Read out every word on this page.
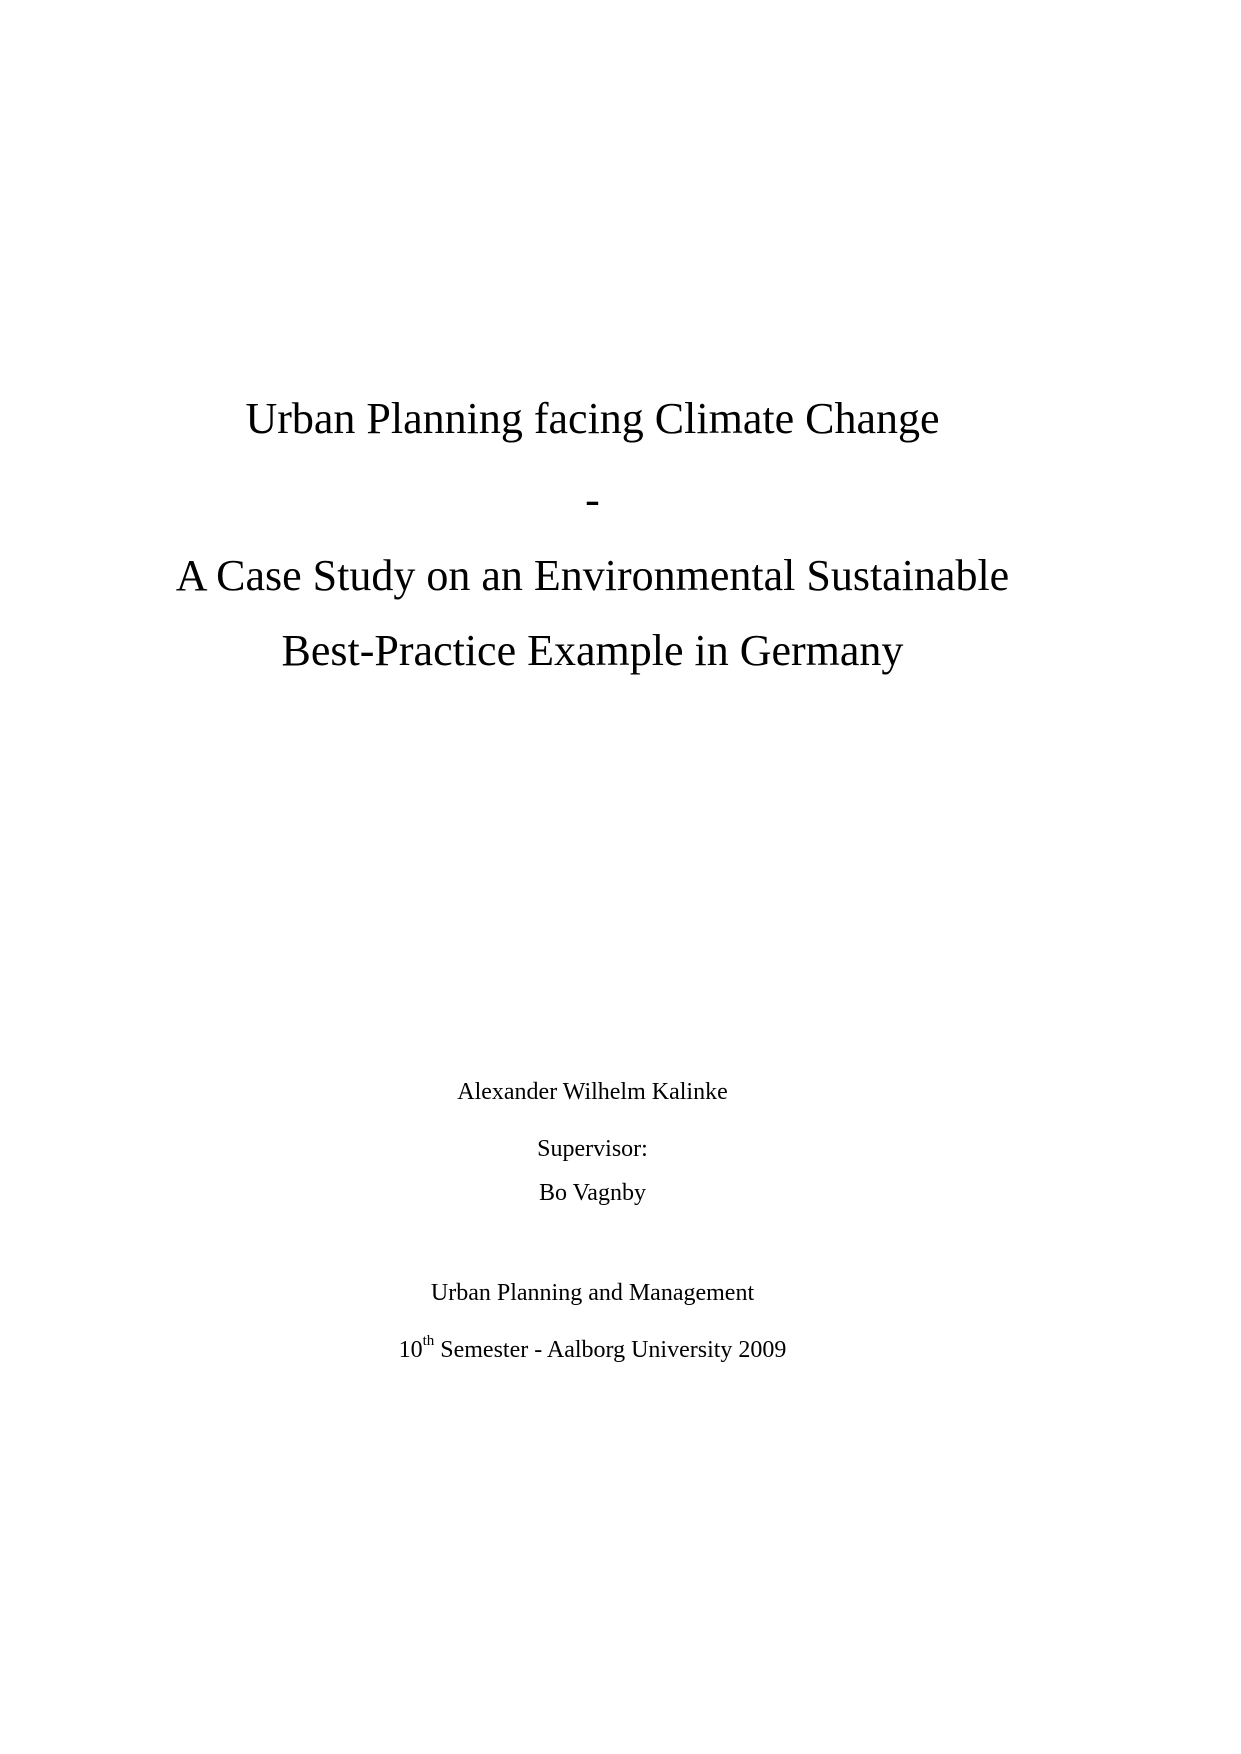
Urban Planning facing Climate Change
-
A Case Study on an Environmental Sustainable
Best-Practice Example in Germany
Alexander Wilhelm Kalinke
Supervisor:
Bo Vagnby
Urban Planning and Management
10th Semester - Aalborg University 2009
